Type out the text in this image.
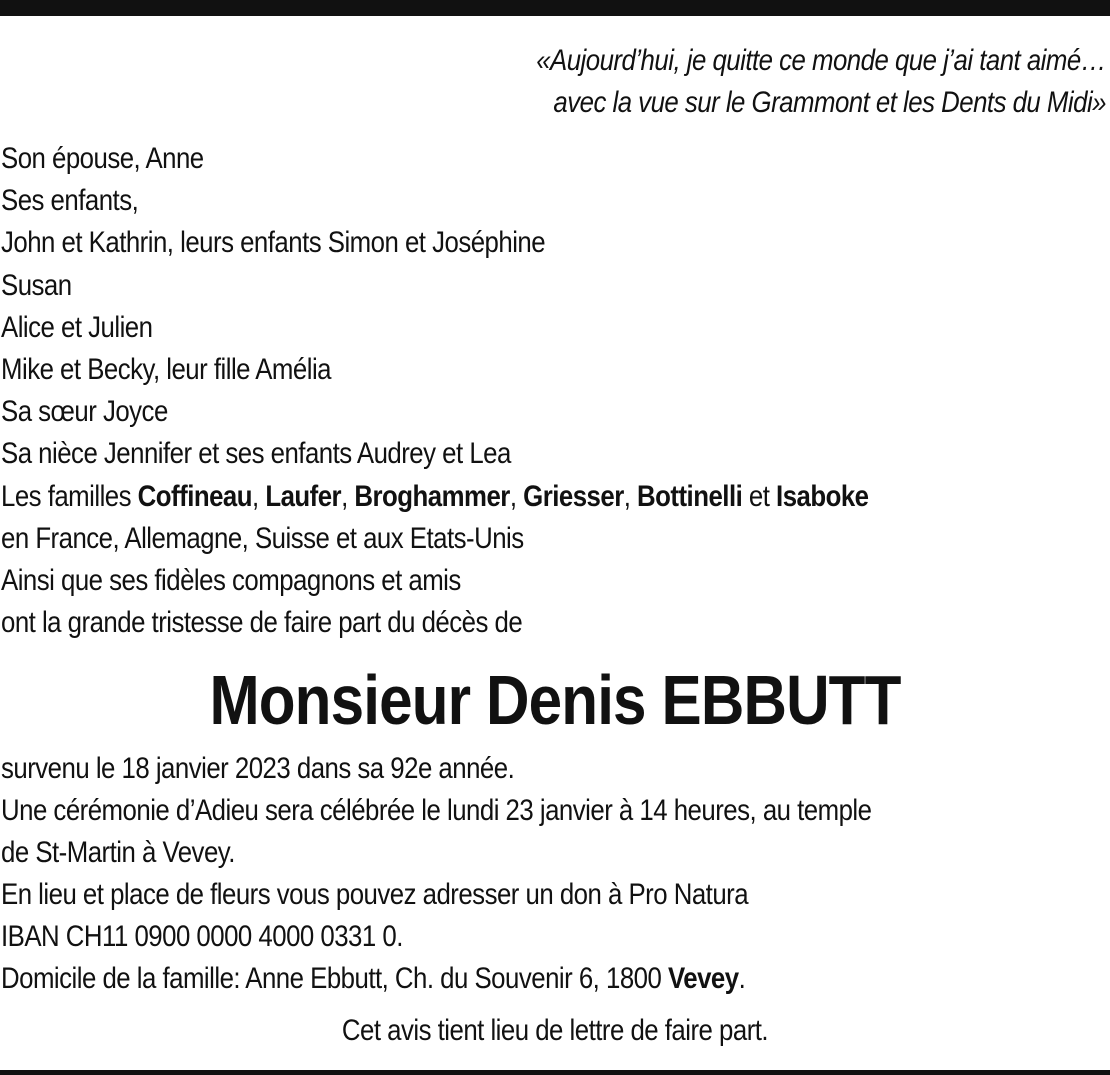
«Aujourd’hui, je quitte ce monde que j’ai tant aimé…
avec la vue sur le Grammont et les Dents du Midi»
Son épouse, Anne
Ses enfants,
John et Kathrin, leurs enfants Simon et Joséphine
Susan
Alice et Julien
Mike et Becky, leur fille Amélia
Sa sœur Joyce
Sa nièce Jennifer et ses enfants Audrey et Lea
Les familles Coffineau, Laufer, Broghammer, Griesser, Bottinelli et Isaboke
en France, Allemagne, Suisse et aux Etats-Unis
Ainsi que ses fidèles compagnons et amis
ont la grande tristesse de faire part du décès de
Monsieur Denis EBBUTT
survenu le 18 janvier 2023 dans sa 92e année.
Une cérémonie d’Adieu sera célébrée le lundi 23 janvier à 14 heures, au temple
de St-Martin à Vevey.
En lieu et place de fleurs vous pouvez adresser un don à Pro Natura
IBAN CH11 0900 0000 4000 0331 0.
Domicile de la famille: Anne Ebbutt, Ch. du Souvenir 6, 1800 Vevey.
Cet avis tient lieu de lettre de faire part.
